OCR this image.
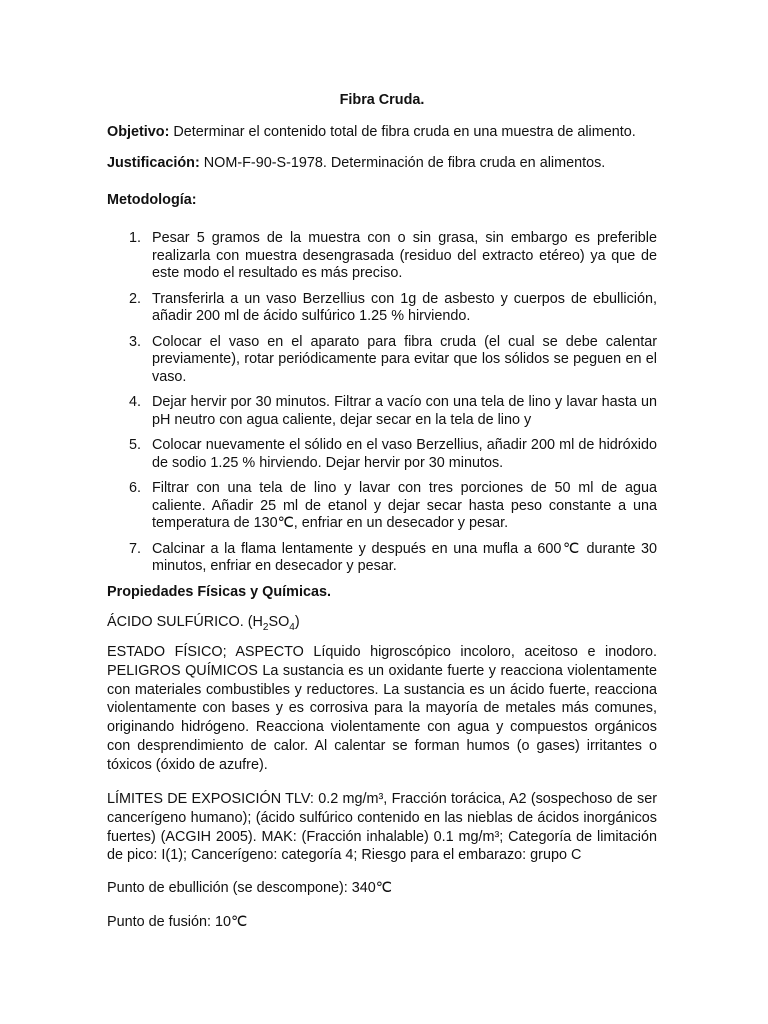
Fibra Cruda.

Objetivo: Determinar el contenido total de fibra cruda en una muestra de alimento.

Justificación: NOM-F-90-S-1978. Determinación de fibra cruda en alimentos.

Metodología:

1. Pesar 5 gramos de la muestra con o sin grasa, sin embargo es preferible realizarla con muestra desengrasada (residuo del extracto etéreo) ya que de este modo el resultado es más preciso.
2. Transferirla a un vaso Berzellius con 1g de asbesto y cuerpos de ebullición, añadir 200 ml de ácido sulfúrico 1.25 % hirviendo.
3. Colocar el vaso en el aparato para fibra cruda (el cual se debe calentar previamente), rotar periódicamente para evitar que los sólidos se peguen en el vaso.
4. Dejar hervir por 30 minutos. Filtrar a vacío con una tela de lino y lavar hasta un pH neutro con agua caliente, dejar secar en la tela de lino y
5. Colocar nuevamente el sólido en el vaso Berzellius, añadir 200 ml de hidróxido de sodio 1.25 % hirviendo. Dejar hervir por 30 minutos.
6. Filtrar con una tela de lino y lavar con tres porciones de 50 ml de agua caliente. Añadir 25 ml de etanol y dejar secar hasta peso constante a una temperatura de 130℃, enfriar en un desecador y pesar.
7. Calcinar a la flama lentamente y después en una mufla a 600℃ durante 30 minutos, enfriar en desecador y pesar.

Propiedades Físicas y Químicas.

ÁCIDO SULFÚRICO. $(H_2SO_4)$

ESTADO FÍSICO; ASPECTO Líquido higroscópico incoloro, aceitoso e inodoro. PELIGROS QUÍMICOS La sustancia es un oxidante fuerte y reacciona violentamente con materiales combustibles y reductores. La sustancia es un ácido fuerte, reacciona violentamente con bases y es corrosiva para la mayoría de metales más comunes, originando hidrógeno. Reacciona violentamente con agua y compuestos orgánicos con desprendimiento de calor. Al calentar se forman humos (o gases) irritantes o tóxicos (óxido de azufre).

LÍMITES DE EXPOSICIÓN TLV: 0.2 mg/m³, Fracción torácica, A2 (sospechoso de ser cancerígeno humano); (ácido sulfúrico contenido en las nieblas de ácidos inorgánicos fuertes) (ACGIH 2005). MAK: (Fracción inhalable) 0.1 mg/m³; Categoría de limitación de pico: I(1); Cancerígeno: categoría 4; Riesgo para el embarazo: grupo C

Punto de ebullición (se descompone): 340℃

Punto de fusión: 10℃
